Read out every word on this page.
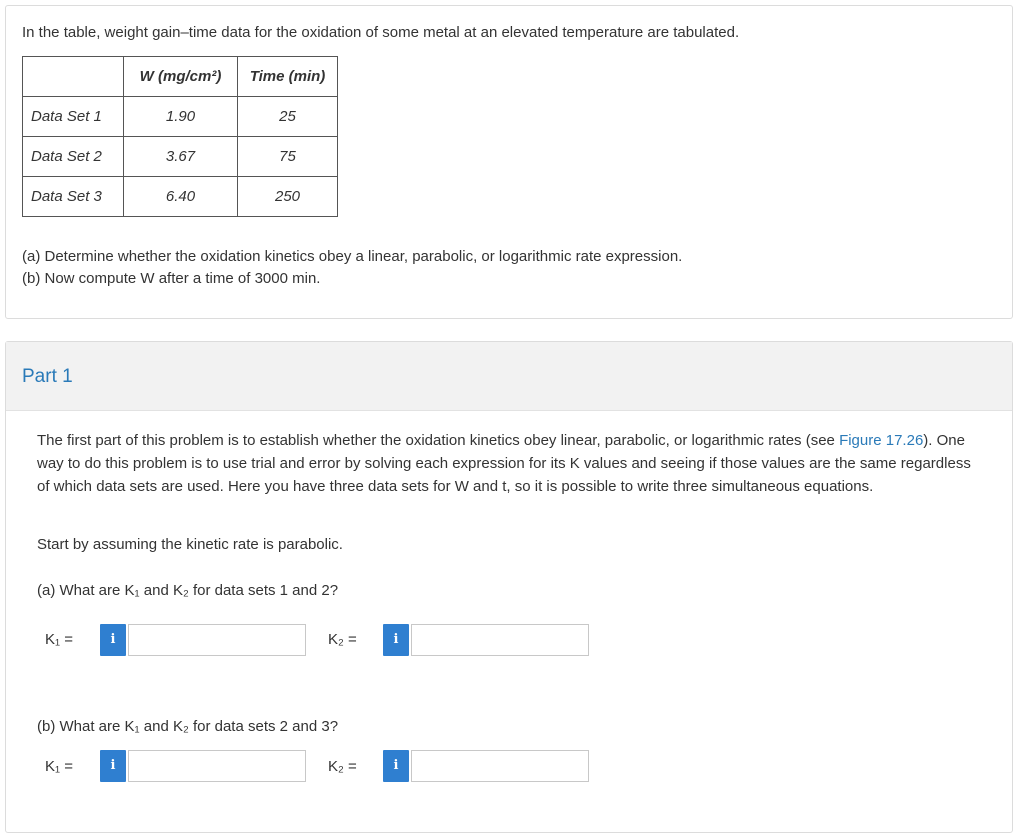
In the table, weight gain–time data for the oxidation of some metal at an elevated temperature are tabulated.
	W (mg/cm²)	Time (min)
Data Set 1	1.90	25
Data Set 2	3.67	75
Data Set 3	6.40	250
(a) Determine whether the oxidation kinetics obey a linear, parabolic, or logarithmic rate expression.
(b) Now compute W after a time of 3000 min.
Part 1
The first part of this problem is to establish whether the oxidation kinetics obey linear, parabolic, or logarithmic rates (see Figure 17.26). One way to do this problem is to use trial and error by solving each expression for its K values and seeing if those values are the same regardless of which data sets are used. Here you have three data sets for W and t, so it is possible to write three simultaneous equations.
Start by assuming the kinetic rate is parabolic.
(a) What are K₁ and K₂ for data sets 1 and 2?
K₁ =	i	K₂ =	i
(b) What are K₁ and K₂ for data sets 2 and 3?
K₁ =	i	K₂ =	i
